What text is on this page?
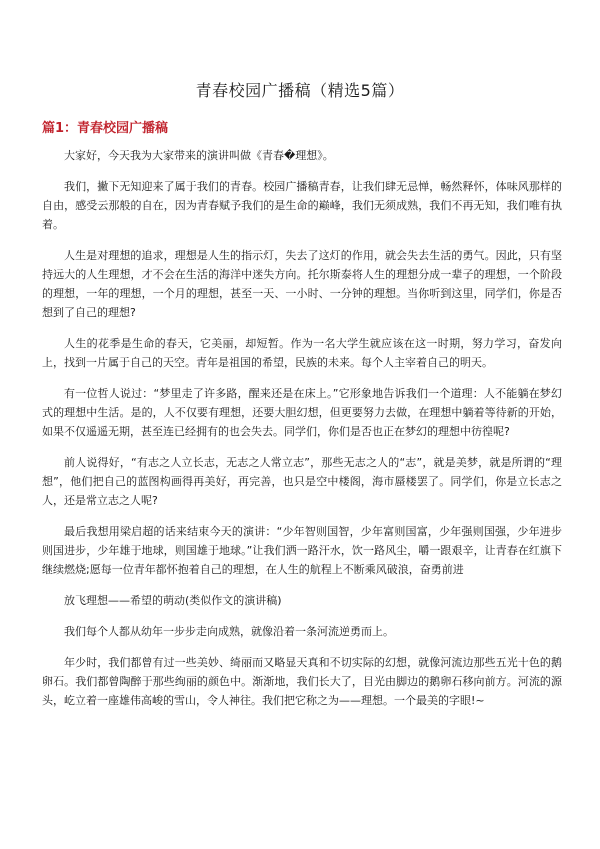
青春校园广播稿（精选5篇）
篇1：青春校园广播稿

大家好，今天我为大家带来的演讲叫做《青春�理想》。

我们，撇下无知迎来了属于我们的青春。校园广播稿青春，让我们肆无忌惮，畅然释怀，体味风那样的自由，感受云那般的自在，因为青春赋予我们的是生命的巅峰，我们无须成熟，我们不再无知，我们唯有执着。

人生是对理想的追求，理想是人生的指示灯，失去了这灯的作用，就会失去生活的勇气。因此，只有坚持远大的人生理想，才不会在生活的海洋中迷失方向。托尔斯泰将人生的理想分成一辈子的理想，一个阶段的理想，一年的理想，一个月的理想，甚至一天、一小时、一分钟的理想。当你听到这里，同学们，你是否想到了自己的理想?

人生的花季是生命的春天，它美丽，却短暂。作为一名大学生就应该在这一时期，努力学习，奋发向上，找到一片属于自己的天空。青年是祖国的希望，民族的未来。每个人主宰着自己的明天。

有一位哲人说过：“梦里走了许多路，醒来还是在床上。”它形象地告诉我们一个道理：人不能躺在梦幻式的理想中生活。是的，人不仅要有理想，还要大胆幻想，但更要努力去做，在理想中躺着等待新的开始，如果不仅遥遥无期，甚至连已经拥有的也会失去。同学们，你们是否也正在梦幻的理想中彷徨呢?

前人说得好，“有志之人立长志，无志之人常立志”，那些无志之人的“志”，就是美梦，就是所谓的“理想”，他们把自己的蓝图构画得再美好，再完善，也只是空中楼阁，海市蜃楼罢了。同学们，你是立长志之人，还是常立志之人呢?

最后我想用梁启超的话来结束今天的演讲：“少年智则国智，少年富则国富，少年强则国强，少年进步则国进步，少年雄于地球，则国雄于地球。”让我们洒一路汗水，饮一路风尘，嚼一跟艰辛，让青春在红旗下继续燃烧;愿每一位青年都怀抱着自己的理想，在人生的航程上不断乘风破浪，奋勇前进

放飞理想——希望的萌动(类似作文的演讲稿)

我们每个人都从幼年一步步走向成熟，就像沿着一条河流逆勇而上。

年少时，我们都曾有过一些美妙、绮丽而又略显天真和不切实际的幻想，就像河流边那些五光十色的鹅卵石。我们都曾陶醉于那些绚丽的颜色中。渐渐地，我们长大了，目光由脚边的鹅卵石移向前方。河流的源头，屹立着一座雄伟高峻的雪山，令人神往。我们把它称之为——理想。一个最美的字眼!~
